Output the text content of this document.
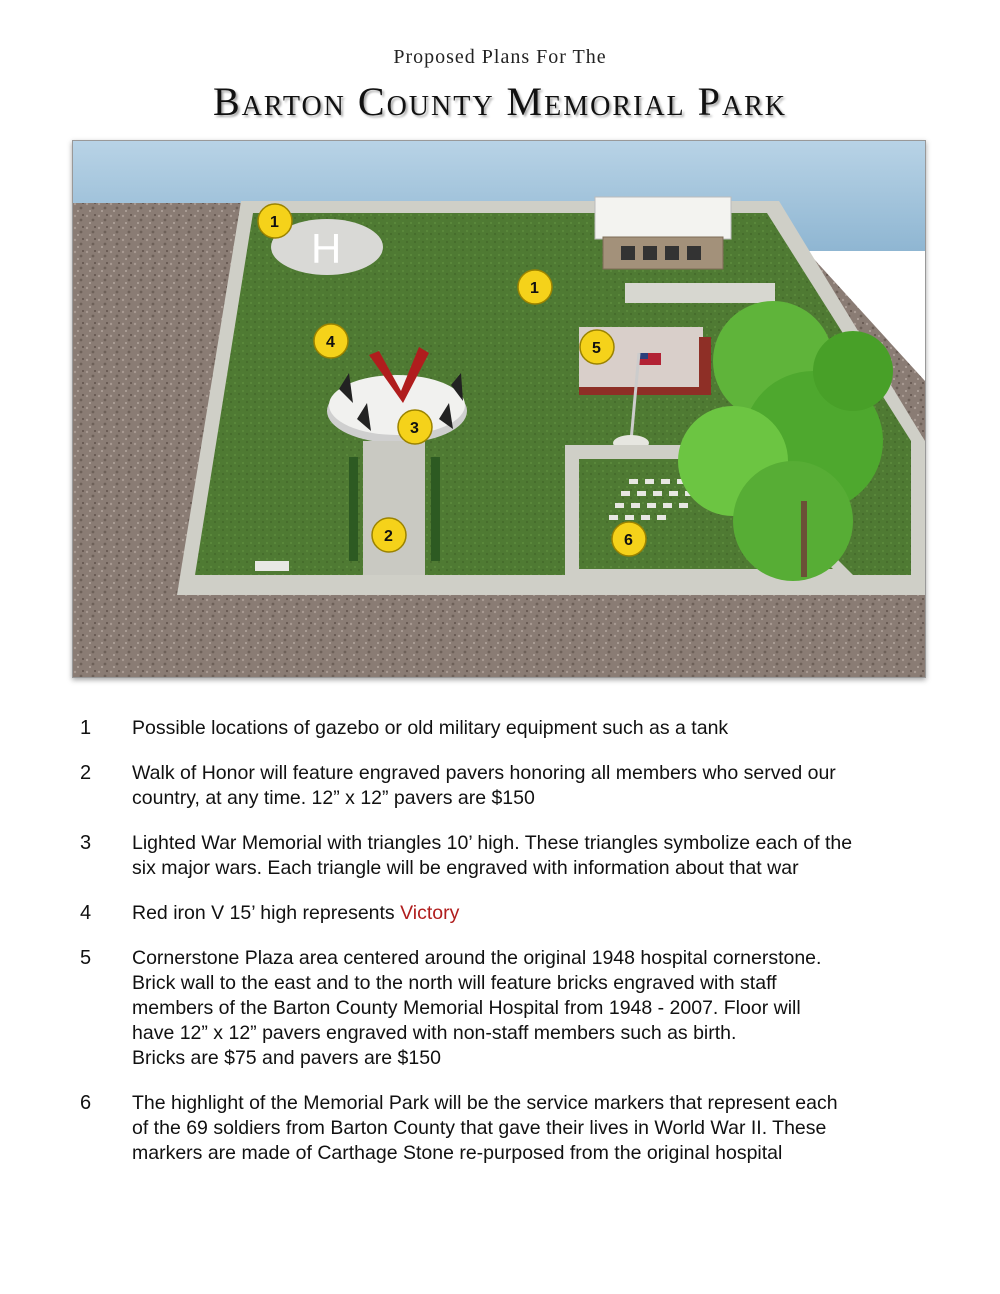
Proposed Plans For The
Barton County Memorial Park
H
1
1
4	5
3
2	6
1	Possible locations of gazebo or old military equipment such as a tank
2	Walk of Honor will feature engraved pavers honoring all members who served our
country, at any time. 12” x 12” pavers are $150
3	Lighted War Memorial with triangles 10’ high. These triangles symbolize each of the
six major wars. Each triangle will be engraved with information about that war
4	Red iron V 15’ high represents Victory
5	Cornerstone Plaza area centered around the original 1948 hospital cornerstone.
Brick wall to the east and to the north will feature bricks engraved with staff
members of the Barton County Memorial Hospital from 1948 - 2007. Floor will
have 12” x 12” pavers engraved with non-staff members such as birth.
Bricks are $75 and pavers are $150
6	The highlight of the Memorial Park will be the service markers that represent each
of the 69 soldiers from Barton County that gave their lives in World War II. These
markers are made of Carthage Stone re-purposed from the original hospital
